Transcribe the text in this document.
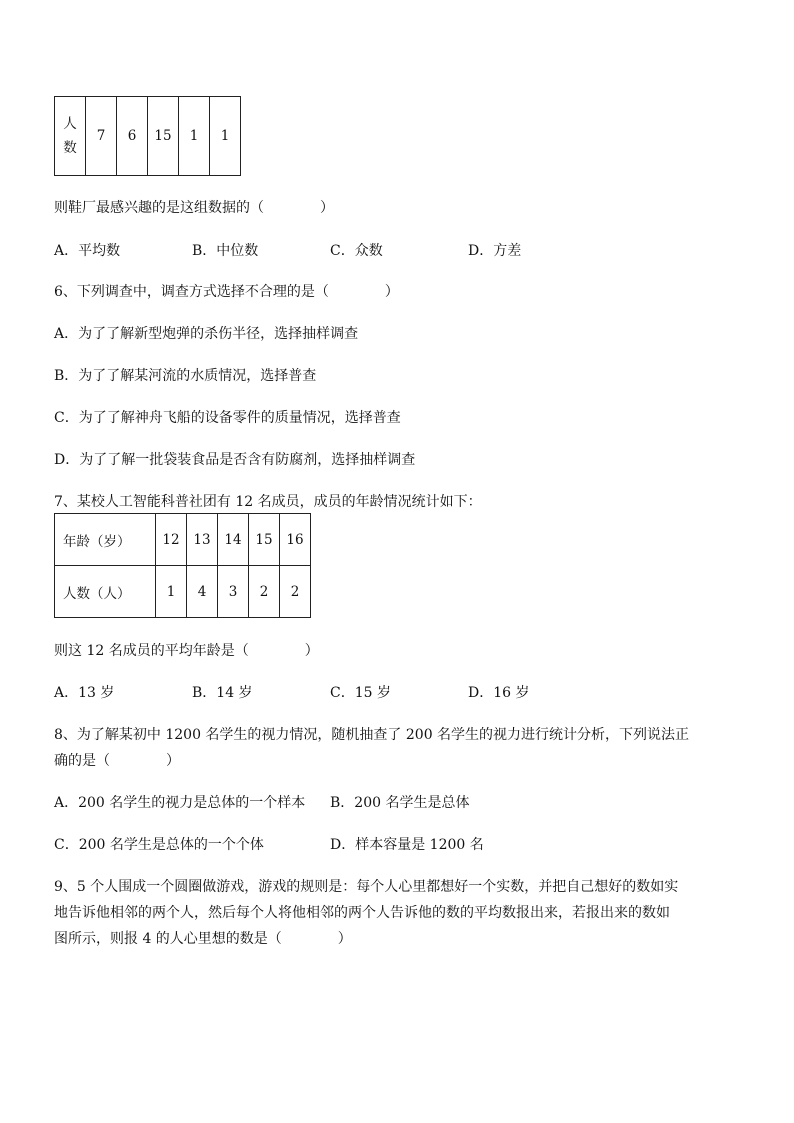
人
数	7	6	15	1	1
则鞋厂最感兴趣的是这组数据的（　　　　）
A．平均数	B．中位数	C．众数	D．方差
6、下列调查中，调查方式选择不合理的是（　　　　）
A．为了了解新型炮弹的杀伤半径，选择抽样调查
B．为了了解某河流的水质情况，选择普查
C．为了了解神舟飞船的设备零件的质量情况，选择普查
D．为了了解一批袋装食品是否含有防腐剂，选择抽样调查
7、某校人工智能科普社团有 12 名成员，成员的年龄情况统计如下：
年龄（岁）	12	13	14	15	16
人数（人）	1	4	3	2	2
则这 12 名成员的平均年龄是（　　　　）
A．13 岁	B．14 岁	C．15 岁	D．16 岁
8、为了解某初中 1200 名学生的视力情况，随机抽查了 200 名学生的视力进行统计分析，下列说法正
确的是（　　　　）
A．200 名学生的视力是总体的一个样本 B．200 名学生是总体
C．200 名学生是总体的一个个体	D．样本容量是 1200 名
9、5 个人围成一个圆圈做游戏，游戏的规则是：每个人心里都想好一个实数，并把自己想好的数如实
地告诉他相邻的两个人，然后每个人将他相邻的两个人告诉他的数的平均数报出来，若报出来的数如
图所示，则报 4 的人心里想的数是（　　　　）
